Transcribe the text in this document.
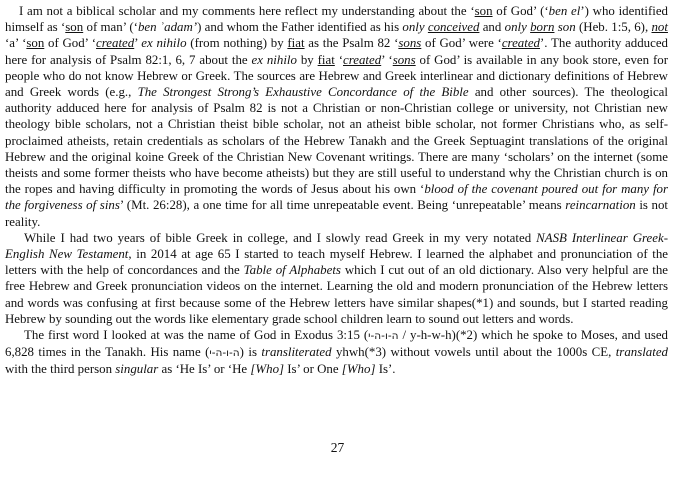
I am not a biblical scholar and my comments here reflect my understanding about the ‘son of God’ (‘ben el’) who identified himself as ‘son of man’ (‘ben ʾadam’) and whom the Father identified as his only conceived and only born son (Heb. 1:5, 6), not ‘a’ ‘son of God’ ‘created’ ex nihilo (from nothing) by fiat as the Psalm 82 ‘sons of God’ were ‘created’. The authority adduced here for analysis of Psalm 82:1, 6, 7 about the ex nihilo by fiat ‘created’ ‘sons of God’ is available in any book store, even for people who do not know Hebrew or Greek. The sources are Hebrew and Greek interlinear and dictionary definitions of Hebrew and Greek words (e.g., The Strongest Strong’s Exhaustive Concordance of the Bible and other sources). The theological authority adduced here for analysis of Psalm 82 is not a Christian or non-Christian college or university, not Christian new theology bible scholars, not a Christian theist bible scholar, not an atheist bible scholar, not former Christians who, as self-proclaimed atheists, retain credentials as scholars of the Hebrew Tanakh and the Greek Septuagint translations of the original Hebrew and the original koine Greek of the Christian New Covenant writings. There are many ‘scholars’ on the internet (some theists and some former theists who have become atheists) but they are still useful to understand why the Christian church is on the ropes and having difficulty in promoting the words of Jesus about his own ‘blood of the covenant poured out for many for the forgiveness of sins’ (Mt. 26:28), a one time for all time unrepeatable event. Being ‘unrepeatable’ means reincarnation is not reality.

While I had two years of bible Greek in college, and I slowly read Greek in my very notated NASB Interlinear Greek-English New Testament, in 2014 at age 65 I started to teach myself Hebrew. I learned the alphabet and pronunciation of the letters with the help of concordances and the Table of Alphabets which I cut out of an old dictionary. Also very helpful are the free Hebrew and Greek pronunciation videos on the internet. Learning the old and modern pronunciation of the Hebrew letters and words was confusing at first because some of the Hebrew letters have similar shapes(*1) and sounds, but I started reading Hebrew by sounding out the words like elementary grade school children learn to sound out letters and words.

The first word I looked at was the name of God in Exodus 3:15 (ה-ו-ה-י / y-h-w-h)(*2) which he spoke to Moses, and used 6,828 times in the Tanakh. His name (ה-ו-ה-י) is transliterated yhwh(*3) without vowels until about the 1000s CE, translated with the third person singular as ‘He Is’ or ‘He [Who] Is’ or One [Who] Is’.

27
